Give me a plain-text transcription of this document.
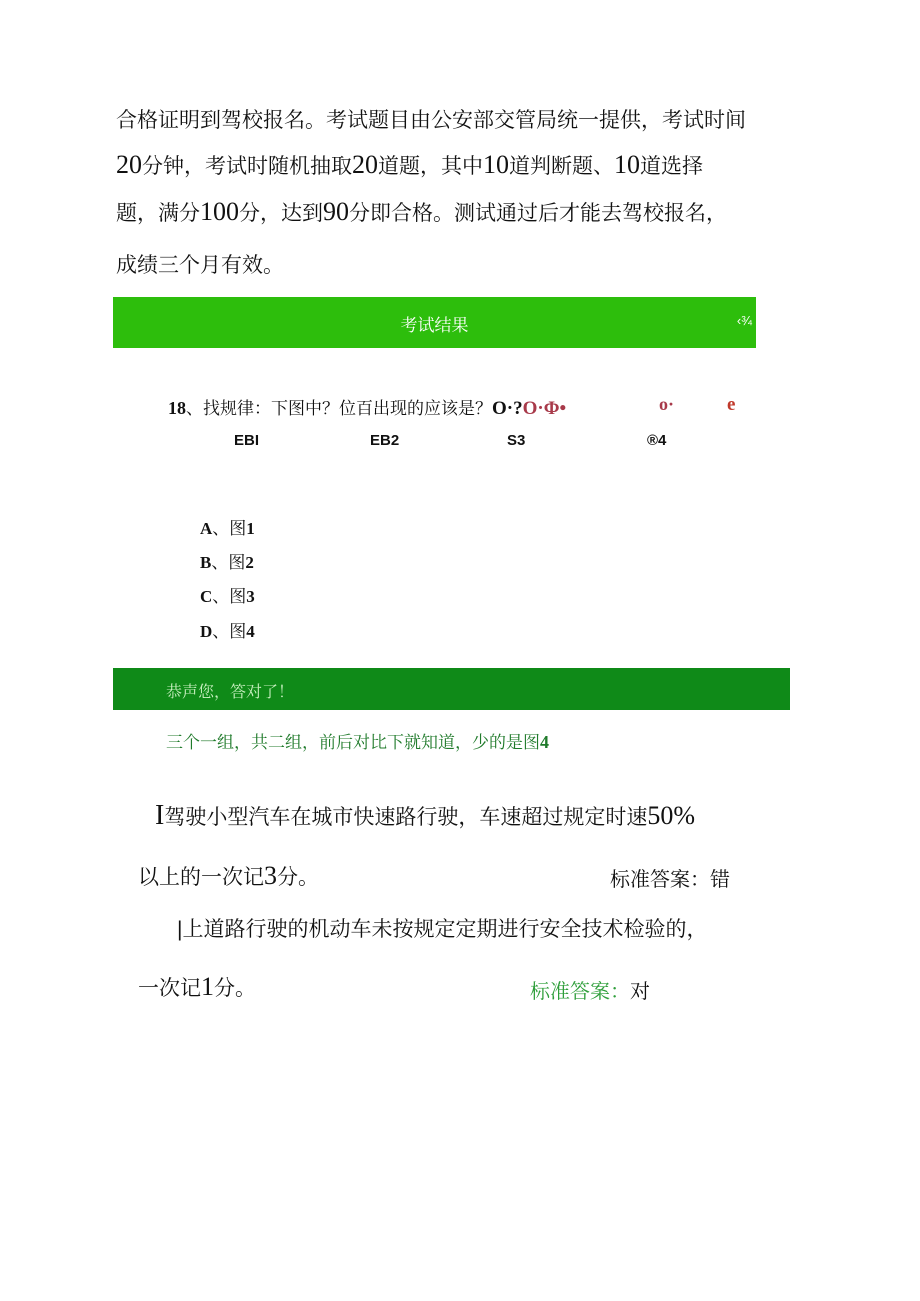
合格证明到驾校报名。考试题目由公安部交管局统一提供，考试时间
20分钟，考试时随机抽取20道题，其中10道判断题、10道选择
题，满分100分，达到90分即合格。测试通过后才能去驾校报名，
成绩三个月有效。
考试结果	‹¾
18、找规律：下图中？位百出现的应该是？O·?O·Φ•	o·	e
EBI	EB2	S3	®4
A、图1
B、图2
C、图3
D、图4
恭声您，答对了！
三个一组，共二组，前后对比下就知道，少的是图4
I驾驶小型汽车在城市快速路行驶，车速超过规定时速50%
以上的一次记3分。	标准答案：错
|上道路行驶的机动车未按规定定期进行安全技术检验的，
一次记1分。	标准答案：对
